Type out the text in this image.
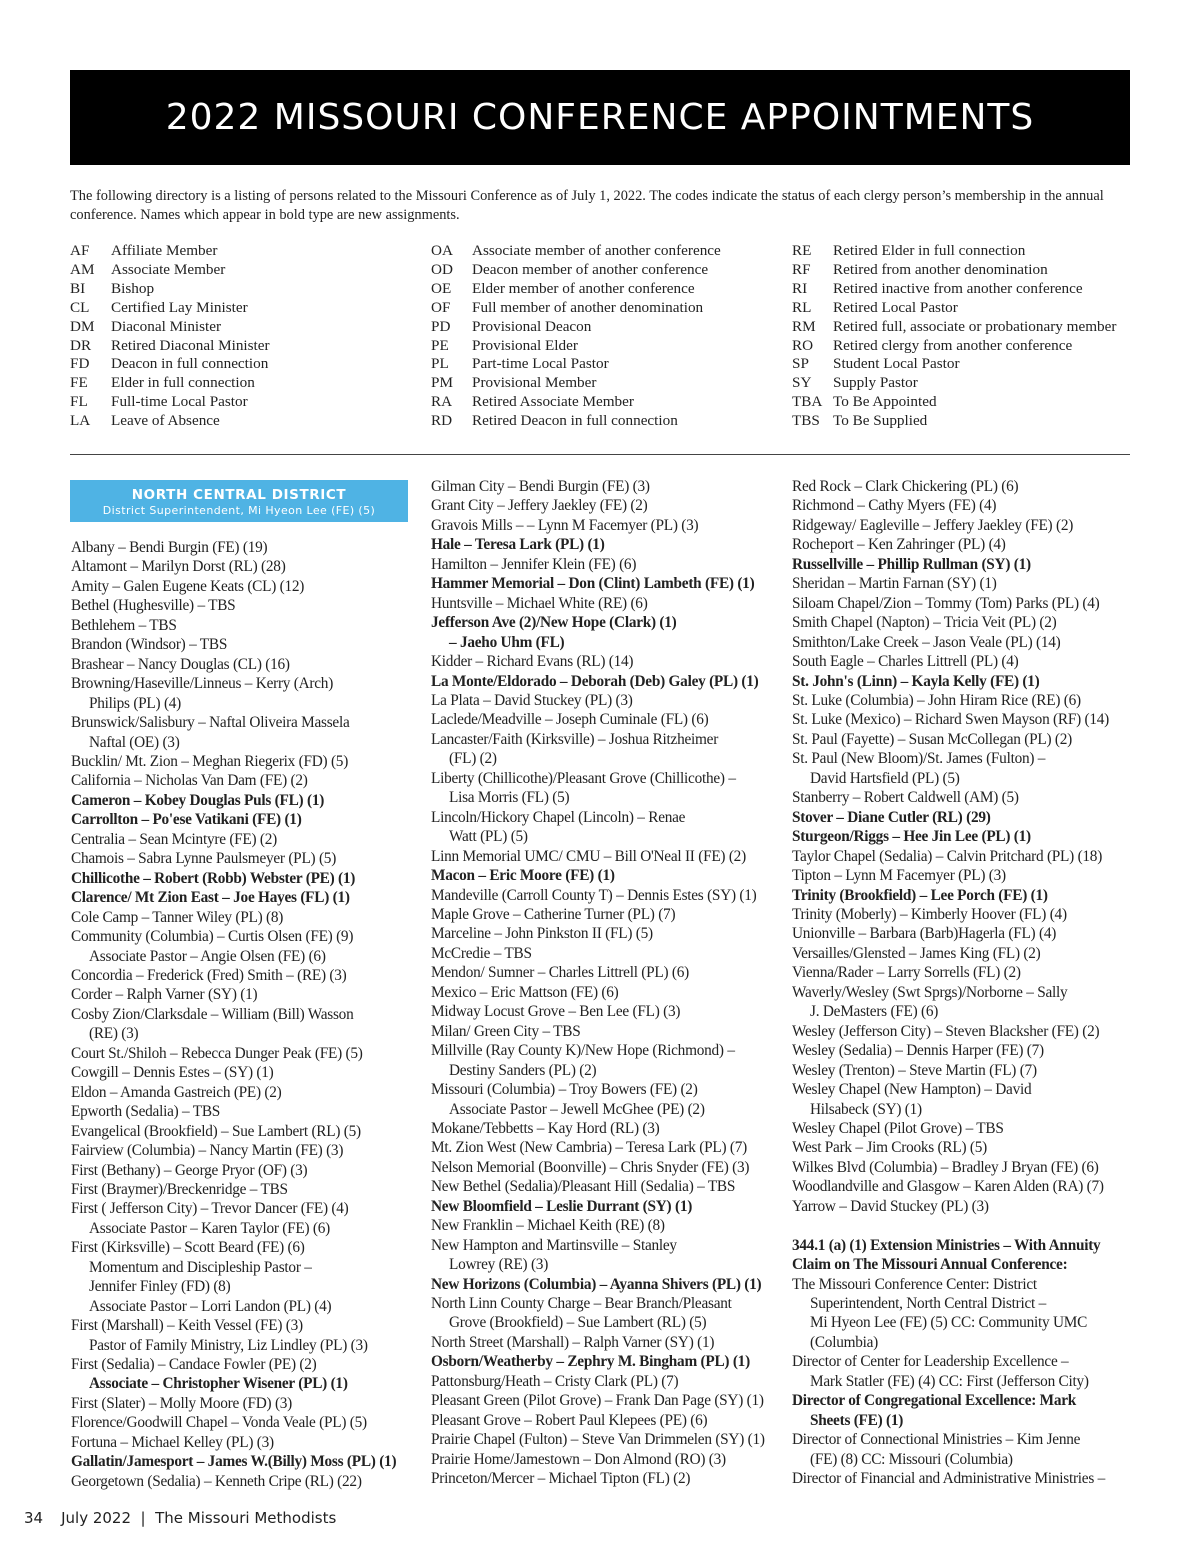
2022 MISSOURI CONFERENCE APPOINTMENTS

The following directory is a listing of persons related to the Missouri Conference as of July 1, 2022. The codes indicate the status of each clergy person’s membership in the annual conference. Names which appear in bold type are new assignments.

AF	Affiliate Member
AM	Associate Member
BI	Bishop
CL	Certified Lay Minister
DM	Diaconal Minister
DR	Retired Diaconal Minister
FD	Deacon in full connection
FE	Elder in full connection
FL	Full-time Local Pastor
LA	Leave of Absence
OA	Associate member of another conference
OD	Deacon member of another conference
OE	Elder member of another conference
OF	Full member of another denomination
PD	Provisional Deacon
PE	Provisional Elder
PL	Part-time Local Pastor
PM	Provisional Member
RA	Retired Associate Member
RD	Retired Deacon in full connection
RE	Retired Elder in full connection
RF	Retired from another denomination
RI	Retired inactive from another conference
RL	Retired Local Pastor
RM	Retired full, associate or probationary member
RO	Retired clergy from another conference
SP	Student Local Pastor
SY	Supply Pastor
TBA To Be Appointed
TBS To Be Supplied
NORTH CENTRAL DISTRICT
District Superintendent, Mi Hyeon Lee (FE) (5)
Albany – Bendi Burgin (FE) (19)
Altamont – Marilyn Dorst (RL) (28)
Amity – Galen Eugene Keats (CL) (12)
Bethel (Hughesville) – TBS
Bethlehem – TBS
Brandon (Windsor) – TBS
Brashear – Nancy Douglas (CL) (16)
Browning/Haseville/Linneus – Kerry (Arch)
Philips (PL) (4)
Brunswick/Salisbury – Naftal Oliveira Massela
Naftal (OE) (3)
Bucklin/ Mt. Zion – Meghan Riegerix (FD) (5)
California – Nicholas Van Dam (FE) (2)
Cameron – Kobey Douglas Puls (FL) (1)
Carrollton – Po'ese Vatikani (FE) (1)
Centralia – Sean Mcintyre (FE) (2)
Chamois – Sabra Lynne Paulsmeyer (PL) (5)
Chillicothe – Robert (Robb) Webster (PE) (1)
Clarence/ Mt Zion East – Joe Hayes (FL) (1)
Cole Camp – Tanner Wiley (PL) (8)
Community (Columbia) – Curtis Olsen (FE) (9)
Associate Pastor – Angie Olsen (FE) (6)
Concordia – Frederick (Fred) Smith – (RE) (3)
Corder – Ralph Varner (SY) (1)
Cosby Zion/Clarksdale – William (Bill) Wasson
(RE) (3)
Court St./Shiloh – Rebecca Dunger Peak (FE) (5)
Cowgill – Dennis Estes – (SY) (1)
Eldon – Amanda Gastreich (PE) (2)
Epworth (Sedalia) – TBS
Evangelical (Brookfield) – Sue Lambert (RL) (5)
Fairview (Columbia) – Nancy Martin (FE) (3)
First (Bethany) – George Pryor (OF) (3)
First (Braymer)/Breckenridge – TBS
First ( Jefferson City) – Trevor Dancer (FE) (4)
Associate Pastor – Karen Taylor (FE) (6)
First (Kirksville) – Scott Beard (FE) (6)
Momentum and Discipleship Pastor –
Jennifer Finley (FD) (8)
Associate Pastor – Lorri Landon (PL) (4)
First (Marshall) – Keith Vessel (FE) (3)
Pastor of Family Ministry, Liz Lindley (PL) (3)
First (Sedalia) – Candace Fowler (PE) (2)
Associate – Christopher Wisener (PL) (1)
First (Slater) – Molly Moore (FD) (3)
Florence/Goodwill Chapel – Vonda Veale (PL) (5)
Fortuna – Michael Kelley (PL) (3)
Gallatin/Jamesport – James W.(Billy) Moss (PL) (1)
Georgetown (Sedalia) – Kenneth Cripe (RL) (22)
Gilman City – Bendi Burgin (FE) (3)
Grant City – Jeffery Jaekley (FE) (2)
Gravois Mills – – Lynn M Facemyer (PL) (3)
Hale – Teresa Lark (PL) (1)
Hamilton – Jennifer Klein (FE) (6)
Hammer Memorial – Don (Clint) Lambeth (FE) (1)
Huntsville – Michael White (RE) (6)
Jefferson Ave (2)/New Hope (Clark) (1)
– Jaeho Uhm (FL)
Kidder – Richard Evans (RL) (14)
La Monte/Eldorado – Deborah (Deb) Galey (PL) (1)
La Plata – David Stuckey (PL) (3)
Laclede/Meadville – Joseph Cuminale (FL) (6)
Lancaster/Faith (Kirksville) – Joshua Ritzheimer
(FL) (2)
Liberty (Chillicothe)/Pleasant Grove (Chillicothe) –
Lisa Morris (FL) (5)
Lincoln/Hickory Chapel (Lincoln) – Renae
Watt (PL) (5)
Linn Memorial UMC/ CMU – Bill O'Neal II (FE) (2)
Macon – Eric Moore (FE) (1)
Mandeville (Carroll County T) – Dennis Estes (SY) (1)
Maple Grove – Catherine Turner (PL) (7)
Marceline – John Pinkston II (FL) (5)
McCredie – TBS
Mendon/ Sumner – Charles Littrell (PL) (6)
Mexico – Eric Mattson (FE) (6)
Midway Locust Grove – Ben Lee (FL) (3)
Milan/ Green City – TBS
Millville (Ray County K)/New Hope (Richmond) –
Destiny Sanders (PL) (2)
Missouri (Columbia) – Troy Bowers (FE) (2)
Associate Pastor – Jewell McGhee (PE) (2)
Mokane/Tebbetts – Kay Hord (RL) (3)
Mt. Zion West (New Cambria) – Teresa Lark (PL) (7)
Nelson Memorial (Boonville) – Chris Snyder (FE) (3)
New Bethel (Sedalia)/Pleasant Hill (Sedalia) – TBS
New Bloomfield – Leslie Durrant (SY) (1)
New Franklin – Michael Keith (RE) (8)
New Hampton and Martinsville – Stanley
Lowrey (RE) (3)
New Horizons (Columbia) – Ayanna Shivers (PL) (1)
North Linn County Charge – Bear Branch/Pleasant
Grove (Brookfield) – Sue Lambert (RL) (5)
North Street (Marshall) – Ralph Varner (SY) (1)
Osborn/Weatherby – Zephry M. Bingham (PL) (1)
Pattonsburg/Heath – Cristy Clark (PL) (7)
Pleasant Green (Pilot Grove) – Frank Dan Page (SY) (1)
Pleasant Grove – Robert Paul Klepees (PE) (6)
Prairie Chapel (Fulton) – Steve Van Drimmelen (SY) (1)
Prairie Home/Jamestown – Don Almond (RO) (3)
Princeton/Mercer – Michael Tipton (FL) (2)
Red Rock – Clark Chickering (PL) (6)
Richmond – Cathy Myers (FE) (4)
Ridgeway/ Eagleville – Jeffery Jaekley (FE) (2)
Rocheport – Ken Zahringer (PL) (4)
Russellville – Phillip Rullman (SY) (1)
Sheridan – Martin Farnan (SY) (1)
Siloam Chapel/Zion – Tommy (Tom) Parks (PL) (4)
Smith Chapel (Napton) – Tricia Veit (PL) (2)
Smithton/Lake Creek – Jason Veale (PL) (14)
South Eagle – Charles Littrell (PL) (4)
St. John's (Linn) – Kayla Kelly (FE) (1)
St. Luke (Columbia) – John Hiram Rice (RE) (6)
St. Luke (Mexico) – Richard Swen Mayson (RF) (14)
St. Paul (Fayette) – Susan McCollegan (PL) (2)
St. Paul (New Bloom)/St. James (Fulton) –
David Hartsfield (PL) (5)
Stanberry – Robert Caldwell (AM) (5)
Stover – Diane Cutler (RL) (29)
Sturgeon/Riggs – Hee Jin Lee (PL) (1)
Taylor Chapel (Sedalia) – Calvin Pritchard (PL) (18)
Tipton – Lynn M Facemyer (PL) (3)
Trinity (Brookfield) – Lee Porch (FE) (1)
Trinity (Moberly) – Kimberly Hoover (FL) (4)
Unionville – Barbara (Barb)Hagerla (FL) (4)
Versailles/Glensted – James King (FL) (2)
Vienna/Rader – Larry Sorrells (FL) (2)
Waverly/Wesley (Swt Sprgs)/Norborne – Sally
J. DeMasters (FE) (6)
Wesley (Jefferson City) – Steven Blacksher (FE) (2)
Wesley (Sedalia) – Dennis Harper (FE) (7)
Wesley (Trenton) – Steve Martin (FL) (7)
Wesley Chapel (New Hampton) – David
Hilsabeck (SY) (1)
Wesley Chapel (Pilot Grove) – TBS
West Park – Jim Crooks (RL) (5)
Wilkes Blvd (Columbia) – Bradley J Bryan (FE) (6)
Woodlandville and Glasgow – Karen Alden (RA) (7)
Yarrow – David Stuckey (PL) (3)
344.1 (a) (1) Extension Ministries – With Annuity
Claim on The Missouri Annual Conference:
The Missouri Conference Center: District
Superintendent, North Central District –
Mi Hyeon Lee (FE) (5) CC: Community UMC
(Columbia)
Director of Center for Leadership Excellence –
Mark Statler (FE) (4) CC: First (Jefferson City)
Director of Congregational Excellence: Mark
Sheets (FE) (1)
Director of Connectional Ministries – Kim Jenne
(FE) (8) CC: Missouri (Columbia)
Director of Financial and Administrative Ministries –
34 July 2022  |  The Missouri Methodists
